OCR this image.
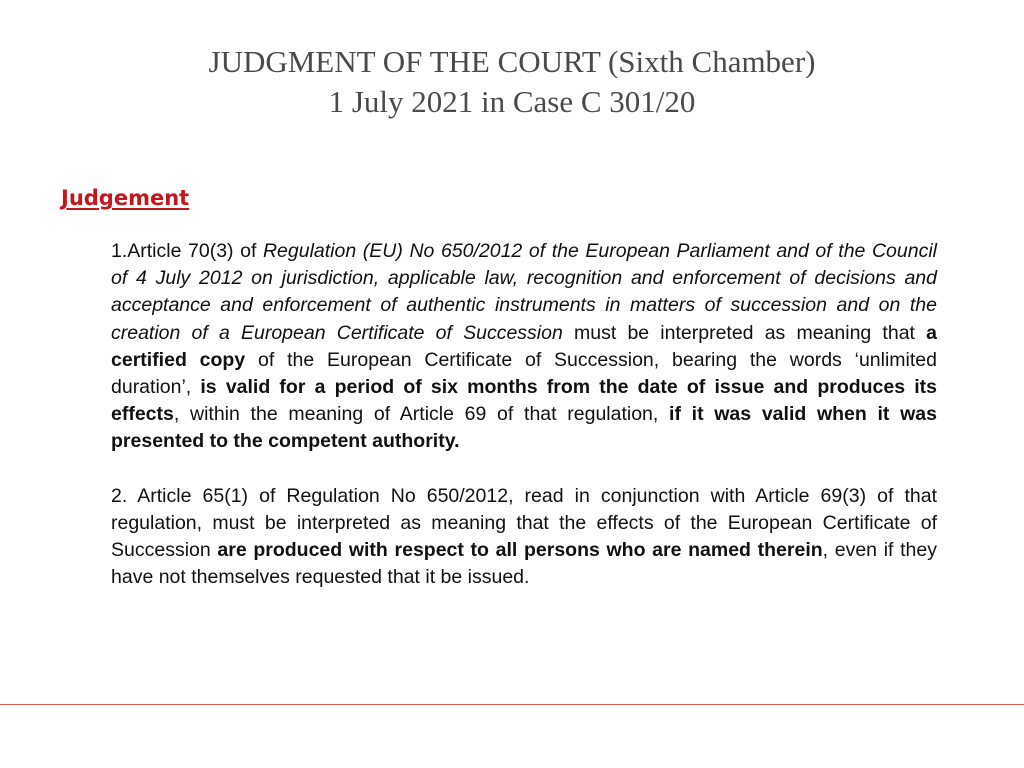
JUDGMENT OF THE COURT (Sixth Chamber)
1 July 2021 in Case C 301/20
Judgement

1.Article 70(3) of Regulation (EU) No 650/2012 of the European Parliament and of the Council of 4 July 2012 on jurisdiction, applicable law, recognition and enforcement of decisions and acceptance and enforcement of authentic instruments in matters of succession and on the creation of a European Certificate of Succession must be interpreted as meaning that a certified copy of the European Certificate of Succession, bearing the words ‘unlimited duration’, is valid for a period of six months from the date of issue and produces its effects, within the meaning of Article 69 of that regulation, if it was valid when it was presented to the competent authority.

2. Article 65(1) of Regulation No 650/2012, read in conjunction with Article 69(3) of that regulation, must be interpreted as meaning that the effects of the European Certificate of Succession are produced with respect to all persons who are named therein, even if they have not themselves requested that it be issued.
